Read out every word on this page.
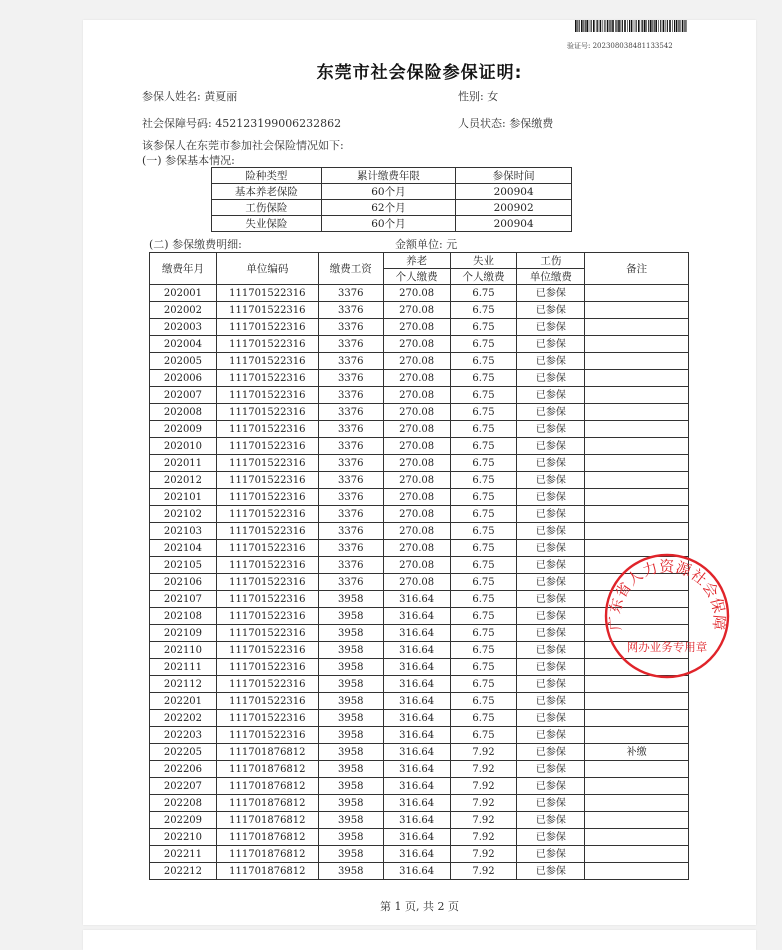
验证号: 20230803848113354​2
东莞市社会保险参保证明:
参保人姓名: 黄夏丽	性别: 女
社会保障号码: 452123199006232862	人员状态: 参保缴费
该参保人在东莞市参加社会保险情况如下:
(一) 参保基本情况:
险种类型	累计缴费年限	参保时间
基本养老保险	60个月	200904
工伤保险	62个月	200902
失业保险	60个月	200904
(二) 参保缴费明细:	金额单位: 元
缴费年月	单位编码	缴费工资	养老	失业	工伤	备注
			个人缴费	个人缴费	单位缴费	
202001	111701522316	3376	270.08	6.75	已参保	
202002	111701522316	3376	270.08	6.75	已参保	
202003	111701522316	3376	270.08	6.75	已参保	
202004	111701522316	3376	270.08	6.75	已参保	
202005	111701522316	3376	270.08	6.75	已参保	
202006	111701522316	3376	270.08	6.75	已参保	
202007	111701522316	3376	270.08	6.75	已参保	
202008	111701522316	3376	270.08	6.75	已参保	
202009	111701522316	3376	270.08	6.75	已参保	
202010	111701522316	3376	270.08	6.75	已参保	
202011	111701522316	3376	270.08	6.75	已参保	
202012	111701522316	3376	270.08	6.75	已参保	
202101	111701522316	3376	270.08	6.75	已参保	
202102	111701522316	3376	270.08	6.75	已参保	
202103	111701522316	3376	270.08	6.75	已参保	
202104	111701522316	3376	270.08	6.75	已参保	
202105	111701522316	3376	270.08	6.75	已参保	
202106	111701522316	3376	270.08	6.75	已参保	
202107	111701522316	3958	316.64	6.75	已参保	
202108	111701522316	3958	316.64	6.75	已参保	
202109	111701522316	3958	316.64	6.75	已参保	
202110	111701522316	3958	316.64	6.75	已参保	
202111	111701522316	3958	316.64	6.75	已参保	
202112	111701522316	3958	316.64	6.75	已参保	
202201	111701522316	3958	316.64	6.75	已参保	
202202	111701522316	3958	316.64	6.75	已参保	
202203	111701522316	3958	316.64	6.75	已参保	
202205	111701876812	3958	316.64	7.92	已参保	补缴
202206	111701876812	3958	316.64	7.92	已参保	
202207	111701876812	3958	316.64	7.92	已参保	
202208	111701876812	3958	316.64	7.92	已参保	
202209	111701876812	3958	316.64	7.92	已参保	
202210	111701876812	3958	316.64	7.92	已参保	
202211	111701876812	3958	316.64	7.92	已参保	
202212	111701876812	3958	316.64	7.92	已参保	
广东省人力资源社会保障
网办业务专用章
第 1 页, 共 2 页
